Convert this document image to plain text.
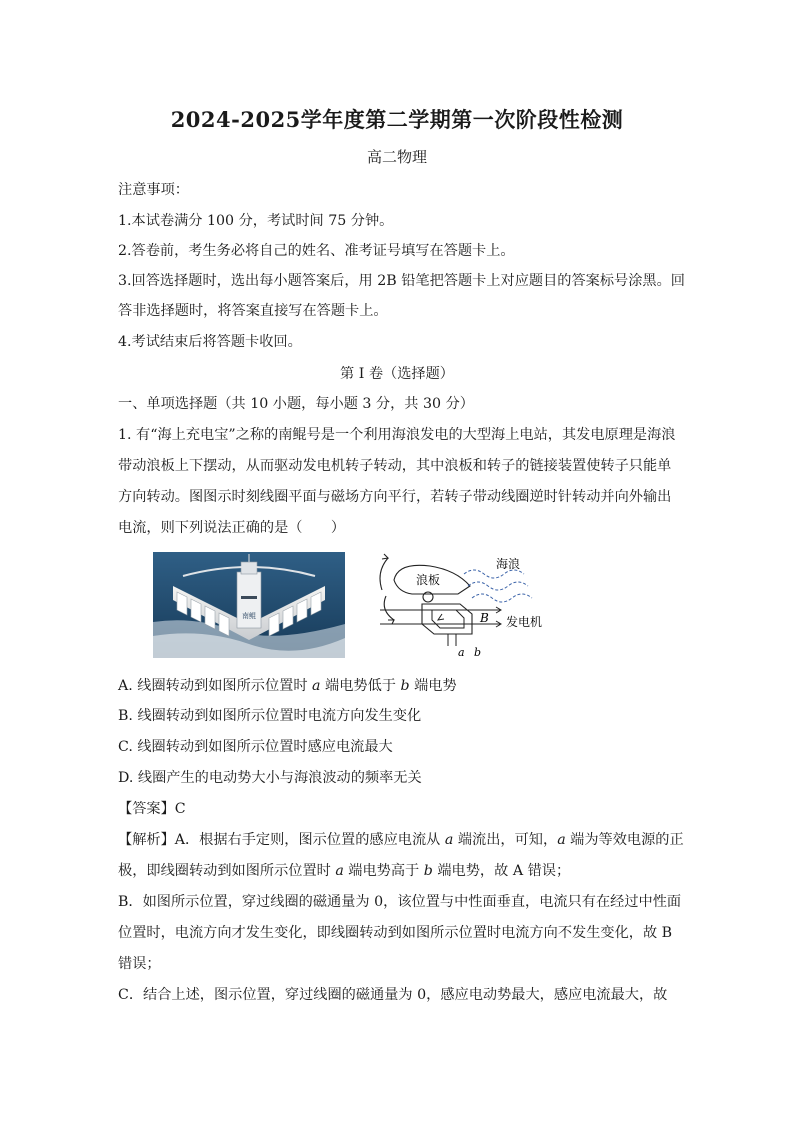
2024-2025学年度第二学期第一次阶段性检测
高二物理
注意事项：
1.本试卷满分 100 分，考试时间 75 分钟。
2.答卷前，考生务必将自己的姓名、准考证号填写在答题卡上。
3.回答选择题时，选出每小题答案后，用 2B 铅笔把答题卡上对应题目的答案标号涂黑。回
答非选择题时，将答案直接写在答题卡上。
4.考试结束后将答题卡收回。
第 I 卷（选择题）
一、单项选择题（共 10 小题，每小题 3 分，共 30 分）
1. 有“海上充电宝”之称的南鲲号是一个利用海浪发电的大型海上电站，其发电原理是海浪
带动浪板上下摆动，从而驱动发电机转子转动，其中浪板和转子的链接装置使转子只能单
方向转动。图图示时刻线圈平面与磁场方向平行，若转子带动线圈逆时针转动并向外输出
电流，则下列说法正确的是（　　）
南鲲
浪板
海浪
B 发电机
a b
A. 线圈转动到如图所示位置时 a 端电势低于 b 端电势
B. 线圈转动到如图所示位置时电流方向发生变化
C. 线圈转动到如图所示位置时感应电流最大
D. 线圈产生的电动势大小与海浪波动的频率无关
【答案】C
【解析】A．根据右手定则，图示位置的感应电流从 a 端流出，可知，a 端为等效电源的正
极，即线圈转动到如图所示位置时 a 端电势高于 b 端电势，故 A 错误；
B．如图所示位置，穿过线圈的磁通量为 0，该位置与中性面垂直，电流只有在经过中性面
位置时，电流方向才发生变化，即线圈转动到如图所示位置时电流方向不发生变化，故 B
错误；
C．结合上述，图示位置，穿过线圈的磁通量为 0，感应电动势最大，感应电流最大，故
